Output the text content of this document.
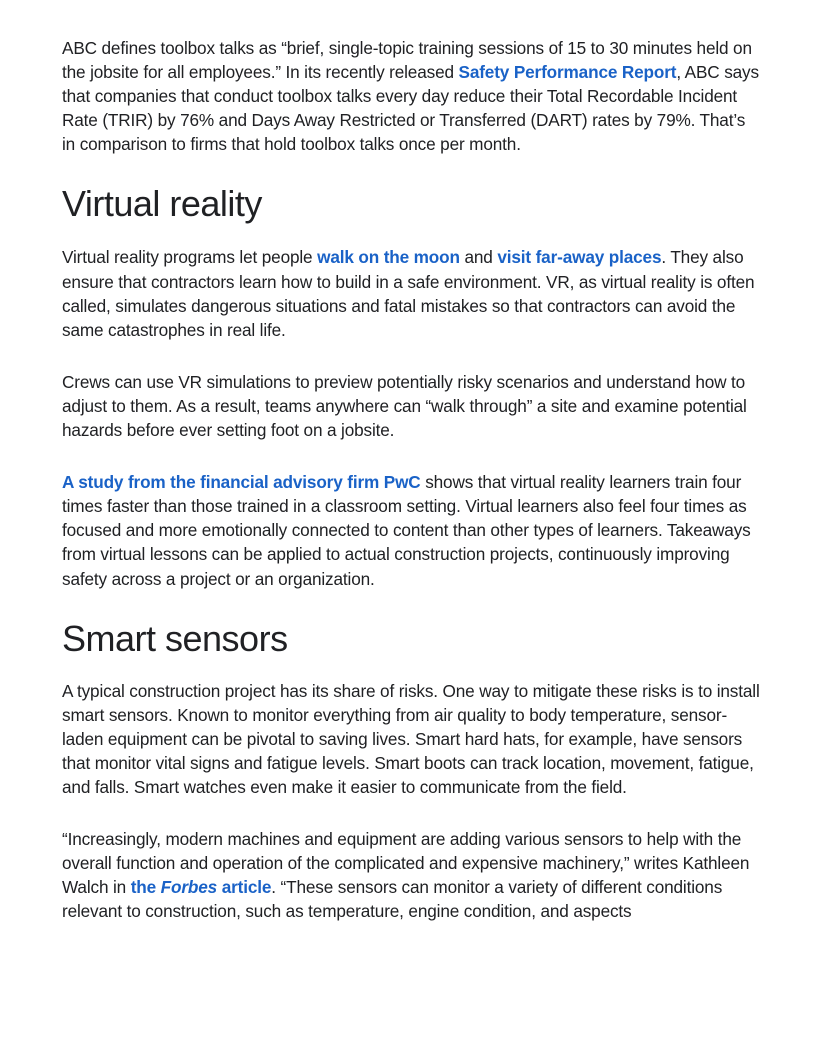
ABC defines toolbox talks as “brief, single-topic training sessions of 15 to 30 minutes held on the jobsite for all employees.” In its recently released Safety Performance Report, ABC says that companies that conduct toolbox talks every day reduce their Total Recordable Incident Rate (TRIR) by 76% and Days Away Restricted or Transferred (DART) rates by 79%. That’s in comparison to firms that hold toolbox talks once per month.

Virtual reality

Virtual reality programs let people walk on the moon and visit far-away places. They also ensure that contractors learn how to build in a safe environment. VR, as virtual reality is often called, simulates dangerous situations and fatal mistakes so that contractors can avoid the same catastrophes in real life.

Crews can use VR simulations to preview potentially risky scenarios and understand how to adjust to them. As a result, teams anywhere can “walk through” a site and examine potential hazards before ever setting foot on a jobsite.

A study from the financial advisory firm PwC shows that virtual reality learners train four times faster than those trained in a classroom setting. Virtual learners also feel four times as focused and more emotionally connected to content than other types of learners. Takeaways from virtual lessons can be applied to actual construction projects, continuously improving safety across a project or an organization.

Smart sensors

A typical construction project has its share of risks. One way to mitigate these risks is to install smart sensors. Known to monitor everything from air quality to body temperature, sensor-laden equipment can be pivotal to saving lives. Smart hard hats, for example, have sensors that monitor vital signs and fatigue levels. Smart boots can track location, movement, fatigue, and falls. Smart watches even make it easier to communicate from the field.

“Increasingly, modern machines and equipment are adding various sensors to help with the overall function and operation of the complicated and expensive machinery,” writes Kathleen Walch in the Forbes article. “These sensors can monitor a variety of different conditions relevant to construction, such as temperature, engine condition, and aspects
